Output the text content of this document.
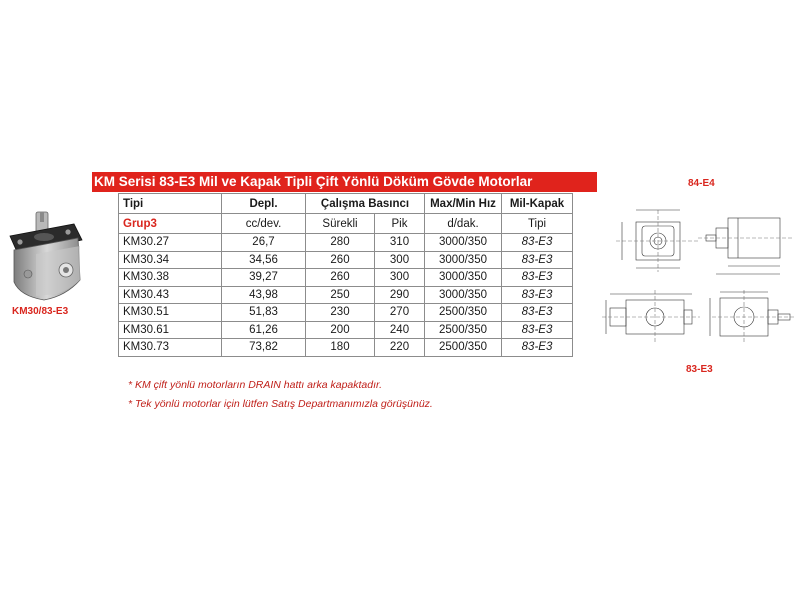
KM Serisi 83-E3 Mil ve Kapak Tipli Çift Yönlü Döküm Gövde Motorlar
Tipi	Depl.	Çalışma Basıncı		Max/Min Hız	Mil-Kapak
Grup3	cc/dev.	Sürekli	Pik	d/dak.	Tipi
KM30.27	26,7	280	310	3000/350	83-E3
KM30.34	34,56	260	300	3000/350	83-E3
KM30.38	39,27	260	300	3000/350	83-E3
KM30.43	43,98	250	290	3000/350	83-E3
KM30.51	51,83	230	270	2500/350	83-E3
KM30.61	61,26	200	240	2500/350	83-E3
KM30.73	73,82	180	220	2500/350	83-E3
* KM çift yönlü motorların DRAIN hattı arka kapaktadır.
* Tek yönlü motorlar için lütfen Satış Departmanımızla görüşünüz.
KM30/83-E3
84-E4
83-E3
